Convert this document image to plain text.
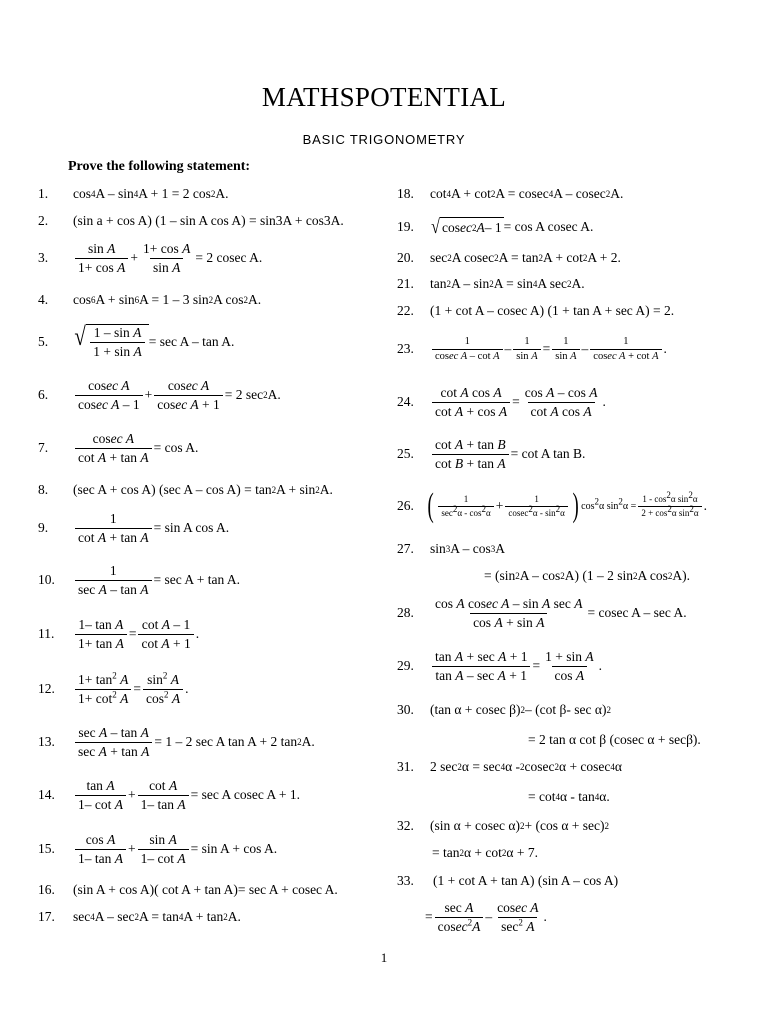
MATHSPOTENTIAL
BASIC TRIGONOMETRY
Prove the following statement:
1.
2.
3.
4.
5.
6.
7.
8.
9.
10.
11.
12.
13.
14.
15.
16.
17.
cos 4 A – sin 4 A + 1 = 2 cos 2 A.
(sin a + cos A) (1 – sin A cos A) = sin3A + cos3A.
sin A
1+ cos A
+
1+ cos A
sin A
= 2 cosec A.
cos 6 A + sin 6 A = 1 – 3 sin 2 A cos 2 A.
√ 1 – sin A
1 + sin A
= sec A – tan A.
cosec A
cosec A – 1
+
cosec A
cosec A + 1
= 2 sec 2 A.
cosec A
cot A + tan A
= cos A.
(sec A + cos A) (sec A – cos A) = tan 2 A + sin 2 A.
1
cot A + tan A
= sin A cos A.
1
sec A – tan A
= sec A + tan A.
1– tan A
1+ tan A
=
cot A – 1
cot A + 1
.
$1+ \tan^2 A$
$1+ \cot^2 A$
=
$\sin^2 A$
$\cos^2 A$
.
sec A – tan A
sec A + tan A
= 1 – 2 sec A tan A + 2 tan 2 A.
tan A
1– cot A
+
cot A
1– tan A
= sec A cosec A + 1.
cos A
1– tan A
+
sin A
1– cot A
= sin A + cos A.
(sin A + cos A)( cot A + tan A)= sec A + cosec A.
sec 4 A – sec 2 A = tan 4 A + tan 2 A.
18.
19.
20.
21.
22.
23.
24.
25.
26.
27.
28.
29.
30.
31.
32.
33.
cot 4 A + cot 2 A = cosec 4 A – cosec 2 A.
√ cos ec 2 A – 1 = cos A cosec A.
sec 2 A cosec 2 A = tan 2 A + cot 2 A + 2.
tan 2 A – sin 2 A = sin 4 A sec 2 A.
(1 + cot A – cosec A) (1 + tan A + sec A) = 2.
1
cosec A – cot A – 1
sin A = 1
sin A –	1
cosec A + cot A .
cot A cos A
cot A + cos A
=
cos A – cos A
cot A cos A
.
cot A + tan B
cot B + tan A
= cot A tan B.
(	1
$\sec^2\alpha - \cos^2\alpha$ +	1
$cosec^2\alpha - \sin^2\alpha$ ) $\cos^2\alpha$ $\sin^2\alpha = \frac{1 - \cos^2\alpha \sin^2\alpha}{2 + \cos^2\alpha \sin^2\alpha}$ .
sin 3 A – cos 3 A
= (sin 2 A – cos 2 A) (1 – 2 sin 2 A cos 2 A).
cos A cosec A – sin A sec A
cos A + sin A
= cosec A – sec A.
tan A + sec A + 1
tan A – sec A + 1
=
1 + sin A
cos A
.
(tan α + cosec β) 2 – (cot β- sec α) 2
= 2 tan α cot β (cosec α + secβ).
2 sec 2 α = sec 4 α - 2 cosec 2 α + cosec 4 α
= cot 4 α - tan 4 α.
(sin α + cosec α) 2 + (cos α + sec) 2
= tan 2 α + cot 2 α + 7.
(1 + cot A + tan A) (sin A – cos A)
=
sec A
cosec$^2$A
–
cosec A
$\sec^2 A$
.
1
